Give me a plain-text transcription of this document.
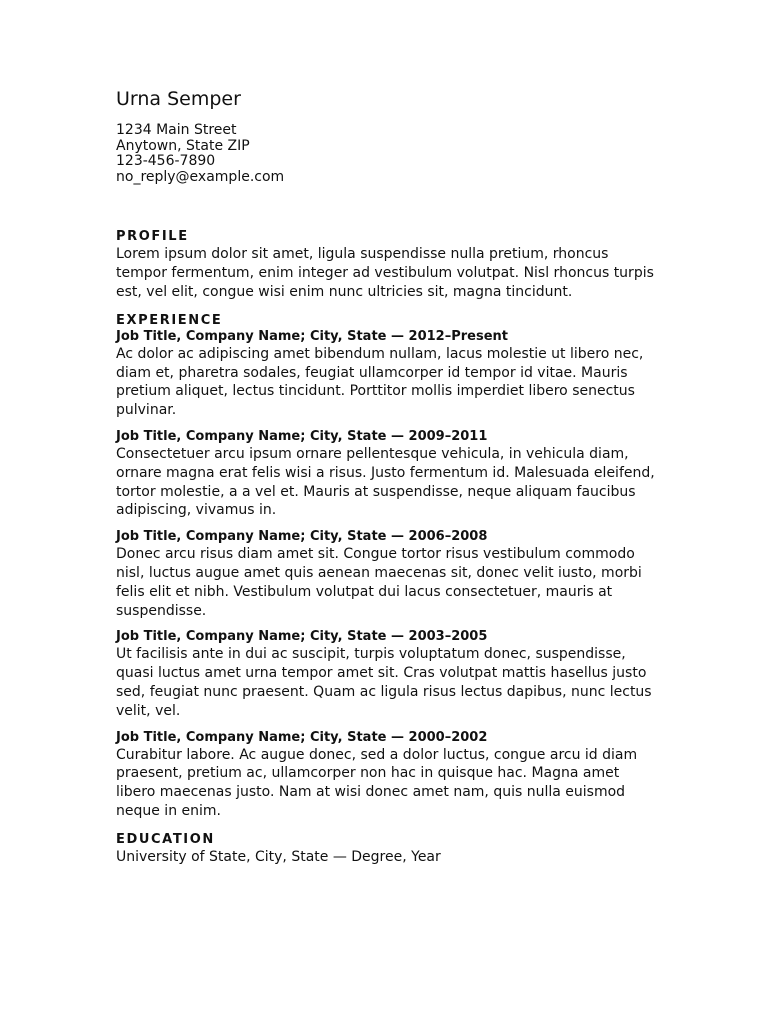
Urna Semper
1234 Main Street
Anytown, State ZIP
123-456-7890
no_reply@example.com
PROFILE

Lorem ipsum dolor sit amet, ligula suspendisse nulla pretium, rhoncus tempor fermentum, enim integer ad vestibulum volutpat. Nisl rhoncus turpis est, vel elit, congue wisi enim nunc ultricies sit, magna tincidunt.

EXPERIENCE
Job Title, Company Name; City, State — 2012–Present

Ac dolor ac adipiscing amet bibendum nullam, lacus molestie ut libero nec, diam et, pharetra sodales, feugiat ullamcorper id tempor id vitae. Mauris pretium aliquet, lectus tincidunt. Porttitor mollis imperdiet libero senectus pulvinar.

Job Title, Company Name; City, State — 2009–2011

Consectetuer arcu ipsum ornare pellentesque vehicula, in vehicula diam, ornare magna erat felis wisi a risus. Justo fermentum id. Malesuada eleifend, tortor molestie, a a vel et. Mauris at suspendisse, neque aliquam faucibus adipiscing, vivamus in.

Job Title, Company Name; City, State — 2006–2008

Donec arcu risus diam amet sit. Congue tortor risus vestibulum commodo nisl, luctus augue amet quis aenean maecenas sit, donec velit iusto, morbi felis elit et nibh. Vestibulum volutpat dui lacus consectetuer, mauris at suspendisse.

Job Title, Company Name; City, State — 2003–2005

Ut facilisis ante in dui ac suscipit, turpis voluptatum donec, suspendisse, quasi luctus amet urna tempor amet sit. Cras volutpat mattis hasellus justo sed, feugiat nunc praesent. Quam ac ligula risus lectus dapibus, nunc lectus velit, vel.

Job Title, Company Name; City, State — 2000–2002

Curabitur labore. Ac augue donec, sed a dolor luctus, congue arcu id diam praesent, pretium ac, ullamcorper non hac in quisque hac. Magna amet libero maecenas justo. Nam at wisi donec amet nam, quis nulla euismod neque in enim.

EDUCATION

University of State, City, State — Degree, Year
